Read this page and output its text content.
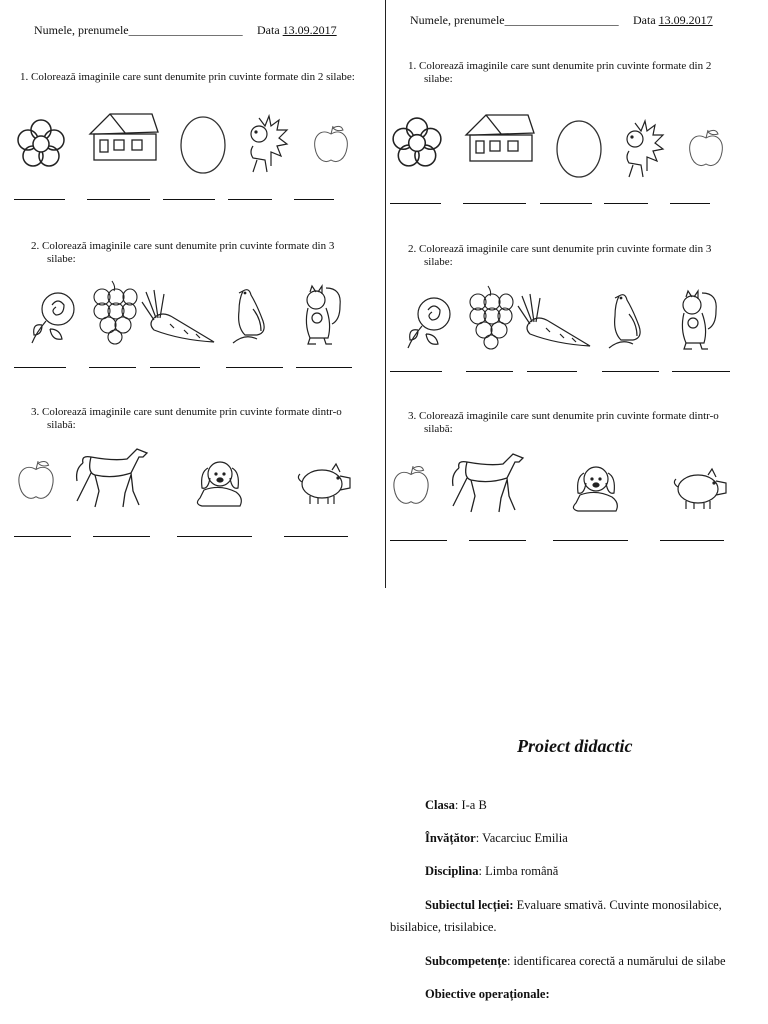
Numele, prenumele___________________ Data 13.09.2017
1. Colorează imaginile care sunt denumite prin cuvinte formate din 2 silabe:
2. Colorează imaginile care sunt denumite prin cuvinte formate din 3
silabe:
3. Colorează imaginile care sunt denumite prin cuvinte formate dintr-o
silabă:
Numele, prenumele___________________ Data 13.09.2017
1. Colorează imaginile care sunt denumite prin cuvinte formate din 2
silabe:
2. Colorează imaginile care sunt denumite prin cuvinte formate din 3
silabe:
3. Colorează imaginile care sunt denumite prin cuvinte formate dintr-o
silabă:
Proiect didactic
Clasa: I-a B
Învățător: Vacarciuc Emilia
Disciplina: Limba română
Subiectul lecției: Evaluare smativă. Cuvinte monosilabice,
bisilabice, trisilabice.
Subcompetențe: identificarea corectă a numărului de silabe
Obiective operaționale:
